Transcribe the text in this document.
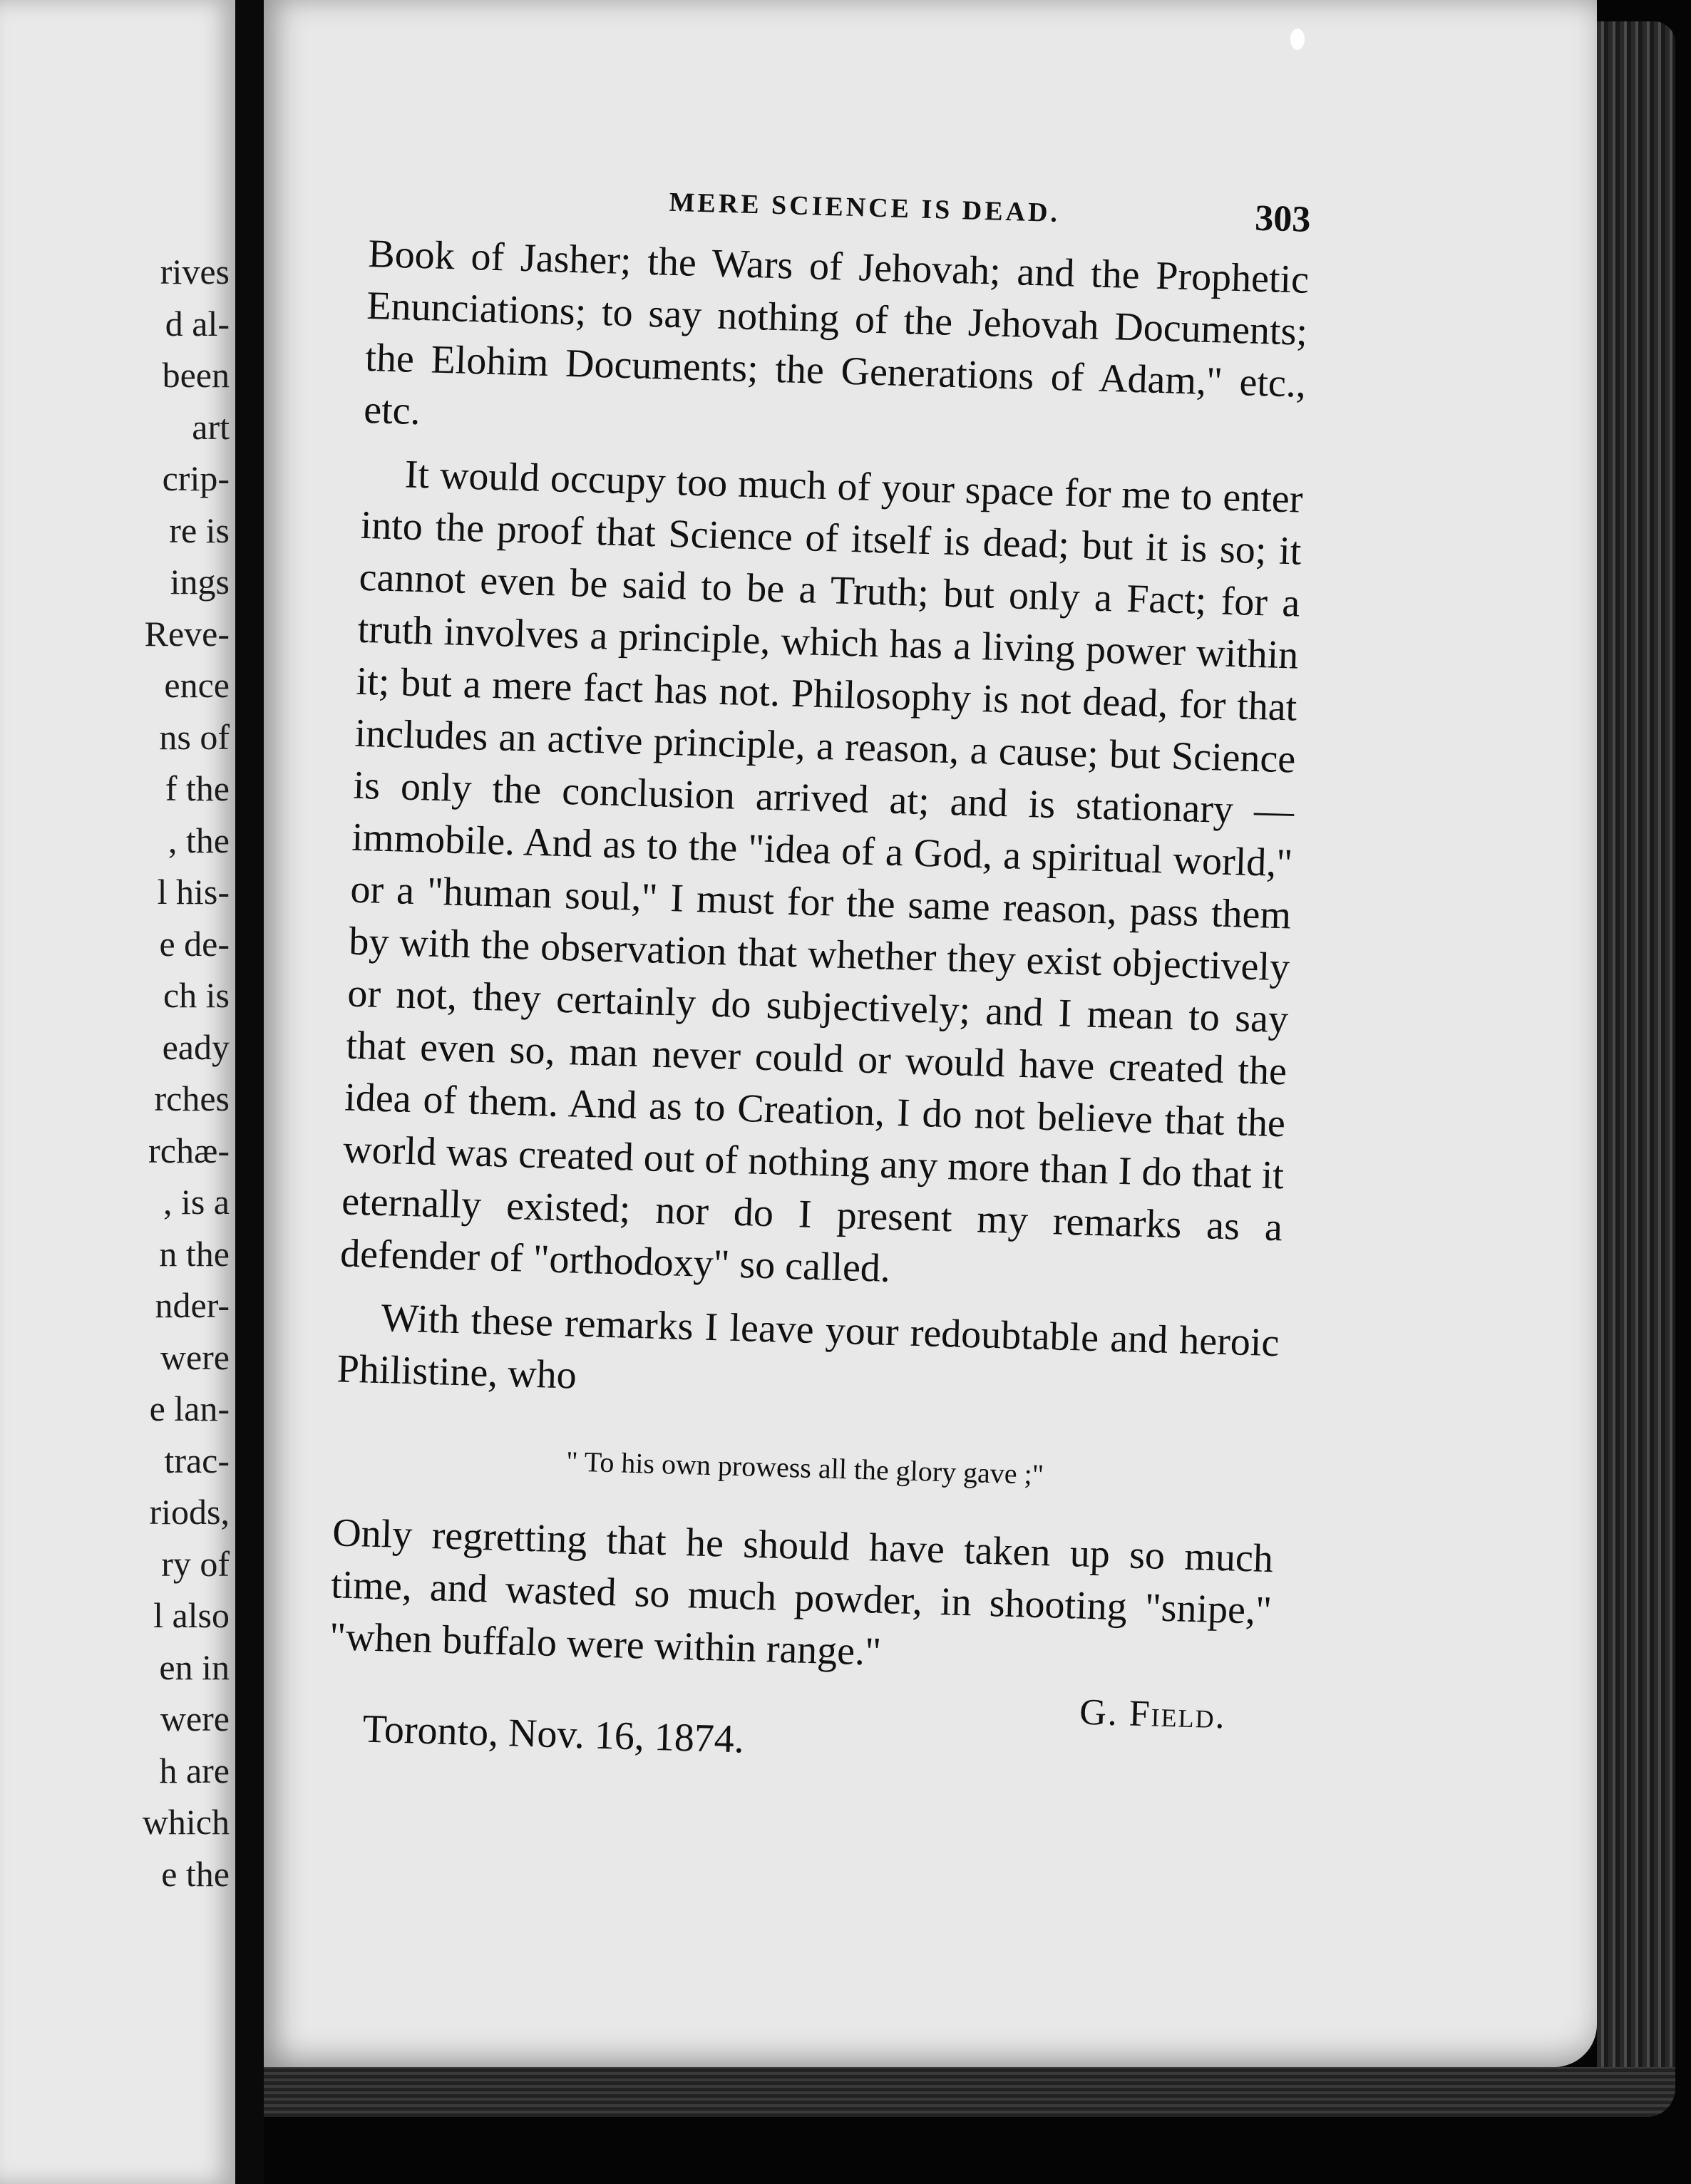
rives
d al-
been
art
crip-
re is
ings
Reve-
ence
ns of
f the
, the
l his-
e de-
ch is
eady
rches
rchæ-
, is a
n the
nder-
were
e lan-
trac-
riods,
ry of
l also
en in
were
h are
which
e the
MERE SCIENCE IS DEAD.	303

Book of Jasher; the Wars of Jehovah; and the Prophetic Enunciations; to say nothing of the Jehovah Documents; the Elohim Documents; the Generations of Adam," etc., etc.

It would occupy too much of your space for me to enter into the proof that Science of itself is dead; but it is so; it cannot even be said to be a Truth; but only a Fact; for a truth involves a principle, which has a living power within it; but a mere fact has not. Philosophy is not dead, for that includes an active principle, a reason, a cause; but Science is only the conclusion arrived at; and is stationary —immobile. And as to the "idea of a God, a spiritual world," or a "human soul," I must for the same reason, pass them by with the observation that whether they exist objectively or not, they certainly do subjectively; and I mean to say that even so, man never could or would have created the idea of them. And as to Creation, I do not believe that the world was created out of nothing any more than I do that it eternally existed; nor do I present my remarks as a defender of "orthodoxy" so called.

With these remarks I leave your redoubtable and heroic Philistine, who

" To his own prowess all the glory gave ;"

Only regretting that he should have taken up so much time, and wasted so much powder, in shooting "snipe," "when buffalo were within range."

G. Field.
Toronto, Nov. 16, 1874.
